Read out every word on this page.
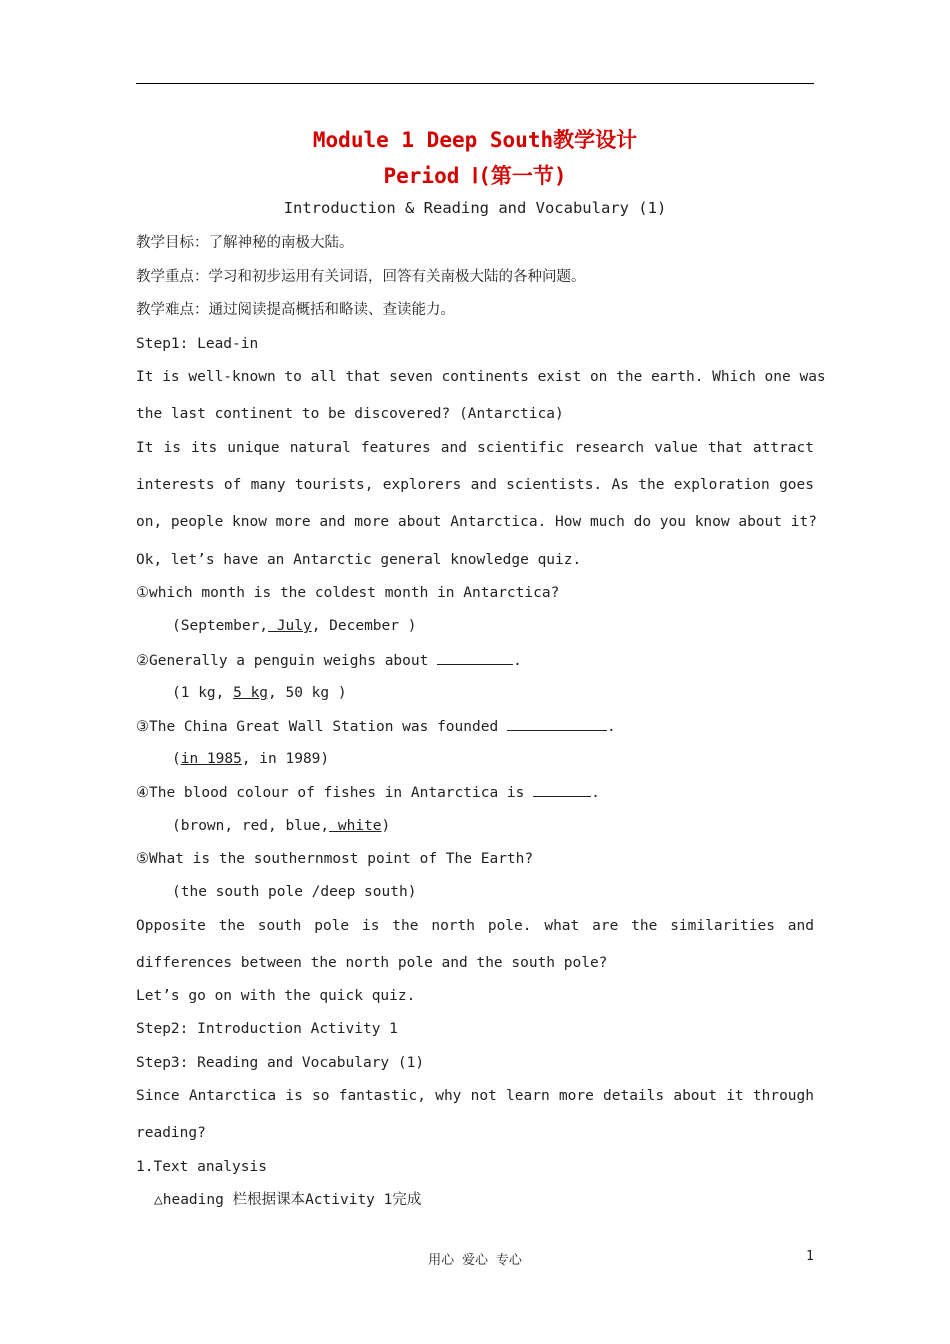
Module 1 Deep South教学设计
Period Ⅰ(第一节)
Introduction & Reading and Vocabulary (1)
教学目标：了解神秘的南极大陆。
教学重点：学习和初步运用有关词语，回答有关南极大陆的各种问题。
教学难点：通过阅读提高概括和略读、查读能力。
Step1: Lead-in
It is well-known to all that seven continents exist on the earth. Which one was
the last continent to be discovered? (Antarctica)
It is its unique natural features and scientific research value that attract
interests of many tourists, explorers and scientists. As the exploration goes
on, people know more and more about Antarctica. How much do you know about it?
Ok, let’s have an Antarctic general knowledge quiz.
①which month is the coldest month in Antarctica?
(September, July, December )
②Generally a penguin weighs about	.
(1 kg, 5 kg, 50 kg )
③The China Great Wall Station was founded	.
(in 1985, in 1989)
④The blood colour of fishes in Antarctica is	.
(brown, red, blue, white)
⑤What is the southernmost point of The Earth?
(the south pole /deep south)
Opposite the south pole is the north pole. what are the similarities and
differences between the north pole and the south pole?
Let’s go on with the quick quiz.
Step2: Introduction Activity 1
Step3: Reading and Vocabulary (1)
Since Antarctica is so fantastic, why not learn more details about it through
reading?
1.Text analysis
△heading 栏根据课本Activity 1完成
用心 爱心 专心	1
